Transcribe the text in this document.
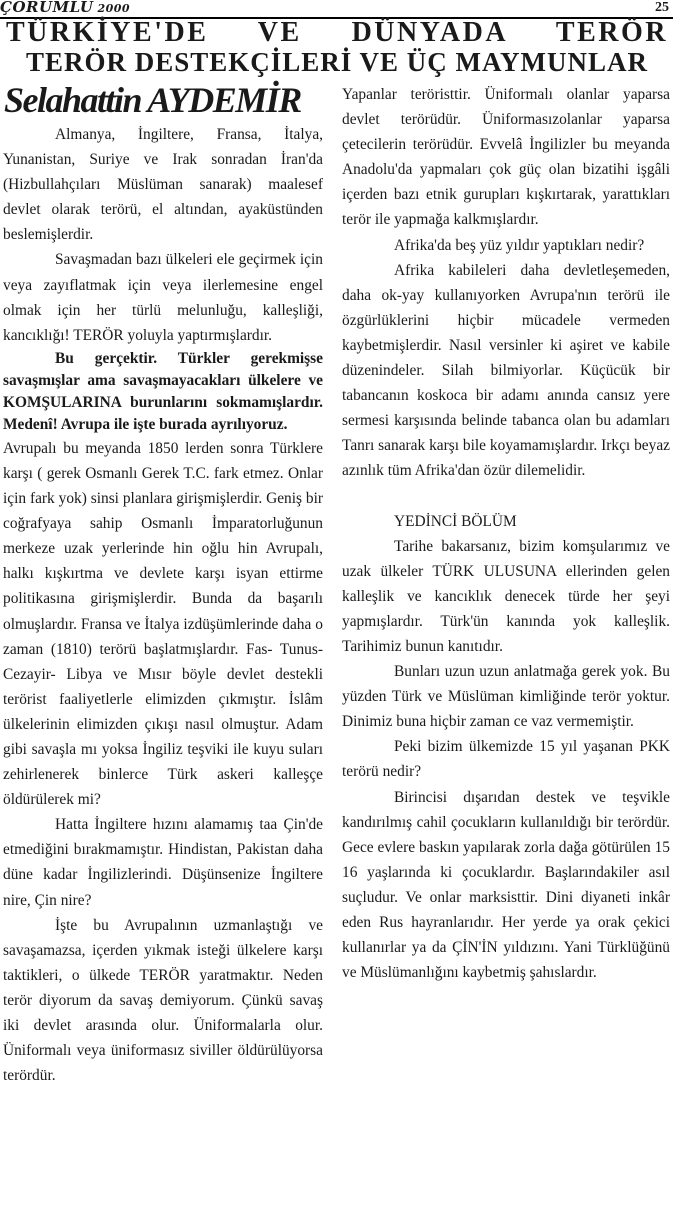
ÇORUMLU 2000	25
TÜRKİYE'DE VE DÜNYADA TERÖR
TERÖR DESTEKÇİLERİ VE ÜÇ MAYMUNLAR
Selahattin AYDEMİR

Almanya, İngiltere, Fransa, İtalya, Yunanistan, Suriye ve Irak sonradan İran'da (Hizbullahçıları Müslüman sanarak) maalesef devlet olarak terörü, el altından, ayaküstünden beslemişlerdir.

Savaşmadan bazı ülkeleri ele geçirmek için veya zayıflatmak için veya ilerlemesine engel olmak için her türlü melunluğu, kalleşliği, kancıklığı! TERÖR yoluyla yaptırmışlardır.

Bu gerçektir. Türkler gerekmişse savaşmışlar ama savaşmayacakları ülkelere ve KOMŞULARINA burunlarını sokmamışlardır. Medenî! Avrupa ile işte burada ayrılıyoruz.

Avrupalı bu meyanda 1850 lerden sonra Türklere karşı ( gerek Osmanlı Gerek T.C. fark etmez. Onlar için fark yok) sinsi planlara girişmişlerdir. Geniş bir coğrafyaya sahip Osmanlı İmparatorluğunun merkeze uzak yerlerinde hin oğlu hin Avrupalı, halkı kışkırtma ve devlete karşı isyan ettirme politikasına girişmişlerdir. Bunda da başarılı olmuşlardır. Fransa ve İtalya izdüşümlerinde daha o zaman (1810) terörü başlatmışlardır. Fas- Tunus- Cezayir- Libya ve Mısır böyle devlet destekli terörist faaliyetlerle elimizden çıkmıştır. İslâm ülkelerinin elimizden çıkışı nasıl olmuştur. Adam gibi savaşla mı yoksa İngiliz teşviki ile kuyu suları zehirlenerek binlerce Türk askeri kalleşçe öldürülerek mi?

Hatta İngiltere hızını alamamış taa Çin'de etmediğini bırakmamıştır. Hindistan, Pakistan daha düne kadar İngilizlerindi. Düşünsenize İngiltere nire, Çin nire?

İşte bu Avrupalının uzmanlaştığı ve savaşamazsa, içerden yıkmak isteği ülkelere karşı taktikleri, o ülkede TERÖR yaratmaktır. Neden terör diyorum da savaş demiyorum. Çünkü savaş iki devlet arasında olur. Üniformalarla olur. Üniformalı veya üniformasız siviller öldürülüyorsa terördür.

Yapanlar teröristtir. Üniformalı olanlar yaparsa devlet terörüdür. Üniformasızolanlar yaparsa çetecilerin terörüdür. Evvelâ İngilizler bu meyanda Anadolu'da yapmaları çok güç olan bizatihi işgâli içerden bazı etnik gurupları kışkırtarak, yarattıkları terör ile yapmağa kalkmışlardır.

Afrika'da beş yüz yıldır yaptıkları nedir?

Afrika kabileleri daha devletleşemeden, daha ok-yay kullanıyorken Avrupa'nın terörü ile özgürlüklerini hiçbir mücadele vermeden kaybetmişlerdir. Nasıl versinler ki aşiret ve kabile düzenindeler. Silah bilmiyorlar. Küçücük bir tabancanın koskoca bir adamı anında cansız yere sermesi karşısında belinde tabanca olan bu adamları Tanrı sanarak karşı bile koyamamışlardır. Irkçı beyaz azınlık tüm Afrika'dan özür dilemelidir.

YEDİNCİ BÖLÜM

Tarihe bakarsanız, bizim komşularımız ve uzak ülkeler TÜRK ULUSUNA ellerinden gelen kalleşlik ve kancıklık denecek türde her şeyi yapmışlardır. Türk'ün kanında yok kalleşlik. Tarihimiz bunun kanıtıdır.

Bunları uzun uzun anlatmağa gerek yok. Bu yüzden Türk ve Müslüman kimliğinde terör yoktur. Dinimiz buna hiçbir zaman ce vaz vermemiştir.

Peki bizim ülkemizde 15 yıl yaşanan PKK terörü nedir?

Birincisi dışarıdan destek ve teşvikle kandırılmış cahil çocukların kullanıldığı bir terördür. Gece evlere baskın yapılarak zorla dağa götürülen 15 16 yaşlarında ki çocuklardır. Başlarındakiler asıl suçludur. Ve onlar marksisttir. Dini diyaneti inkâr eden Rus hayranlarıdır. Her yerde ya orak çekici kullanırlar ya da ÇİN'İN yıldızını. Yani Türklüğünü ve Müslümanlığını kaybetmiş şahıslardır.
